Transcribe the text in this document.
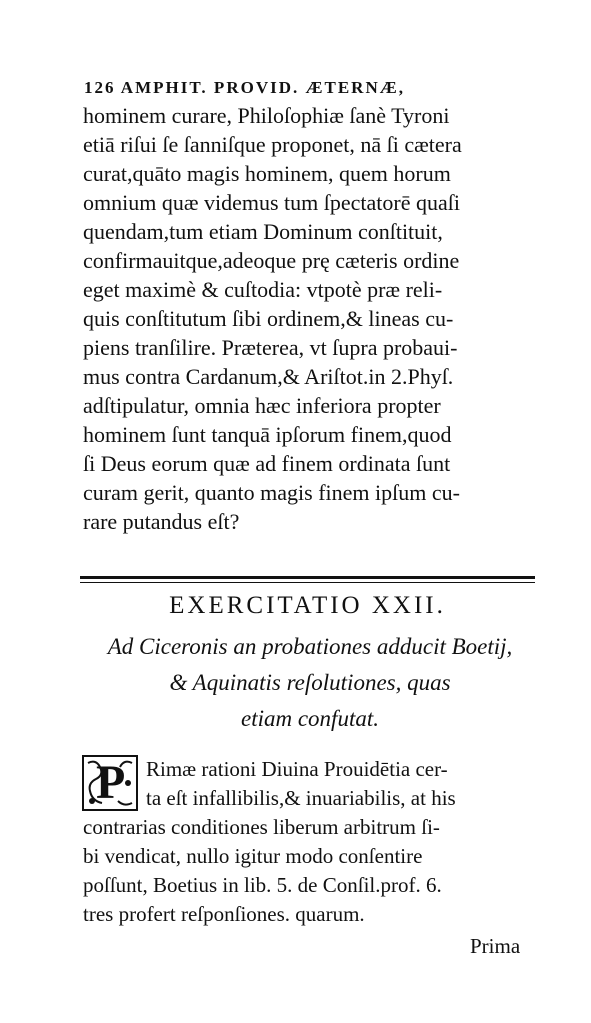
126 AMPHIT. PROVID. ÆTERNÆ,
hominem curare, Philoſophiæ ſanè Tyroni
etiā riſui ſe ſanniſque proponet, nā ſi cætera
curat,quāto magis hominem, quem horum
omnium quæ videmus tum ſpectatorē quaſi
quendam,tum etiam Dominum conſtituit,
confirmauitque,adeoque prę cæteris ordine
eget maximè & cuſtodia: vtpotè præ reli-
quis conſtitutum ſibi ordinem,& lineas cu-
piens tranſilire. Præterea, vt ſupra probaui-
mus contra Cardanum,& Ariſtot.in 2.Phyſ.
adſtipulatur, omnia hæc inferiora propter
hominem ſunt tanquā ipſorum finem,quod
ſi Deus eorum quæ ad finem ordinata ſunt
curam gerit, quanto magis finem ipſum cu-
rare putandus eſt?
EXERCITATIO XXII.
Ad Ciceronis an probationes adducit Boetij,
& Aquinatis reſolutiones, quas
etiam confutat.
P Rimæ rationi Diuina Prouidētia cer-
ta eſt infallibilis,& inuariabilis, at his
contrarias conditiones liberum arbitrum ſi-
bi vendicat, nullo igitur modo conſentire
poſſunt, Boetius in lib. 5. de Conſil.prof. 6.
tres profert reſponſiones. quarum.
Prima
